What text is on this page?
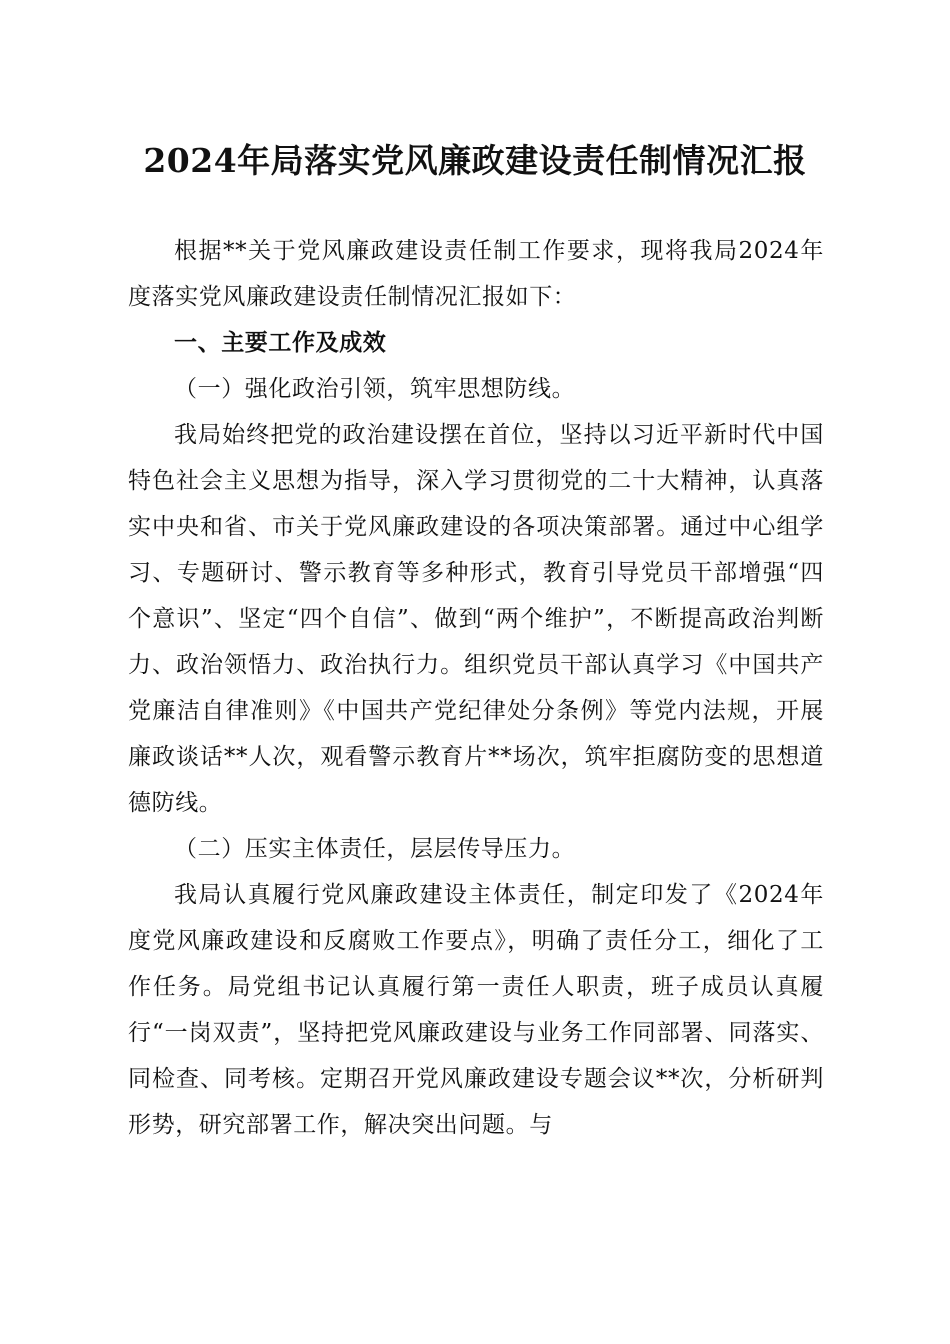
2024年局落实党风廉政建设责任制情况汇报

根据**关于党风廉政建设责任制工作要求，现将我局2024年度落实党风廉政建设责任制情况汇报如下：

一、主要工作及成效

（一）强化政治引领，筑牢思想防线。

我局始终把党的政治建设摆在首位，坚持以习近平新时代中国特色社会主义思想为指导，深入学习贯彻党的二十大精神，认真落实中央和省、市关于党风廉政建设的各项决策部署。通过中心组学习、专题研讨、警示教育等多种形式，教育引导党员干部增强“四个意识”、坚定“四个自信”、做到“两个维护”，不断提高政治判断力、政治领悟力、政治执行力。组织党员干部认真学习《中国共产党廉洁自律准则》《中国共产党纪律处分条例》等党内法规，开展廉政谈话**人次，观看警示教育片**场次，筑牢拒腐防变的思想道德防线。

（二）压实主体责任，层层传导压力。

我局认真履行党风廉政建设主体责任，制定印发了《2024年度党风廉政建设和反腐败工作要点》，明确了责任分工，细化了工作任务。局党组书记认真履行第一责任人职责，班子成员认真履行“一岗双责”，坚持把党风廉政建设与业务工作同部署、同落实、同检查、同考核。定期召开党风廉政建设专题会议**次，分析研判形势，研究部署工作，解决突出问题。与
